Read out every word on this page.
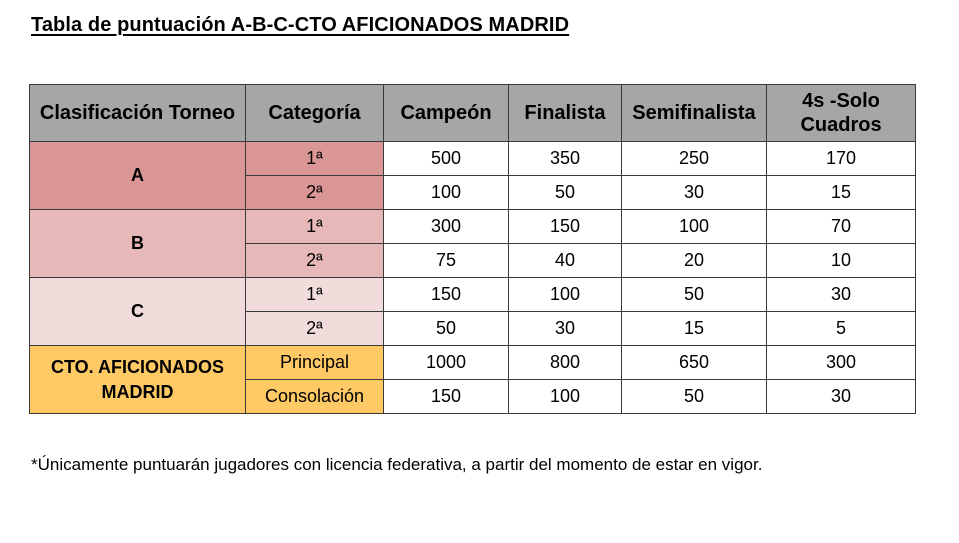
Tabla de puntuación A-B-C-CTO AFICIONADOS MADRID
Clasificación Torneo	Categoría	Campeón	Finalista	Semifinalista	4s -Solo Cuadros
A	1ª	500	350	250	170
	2ª	100	50	30	15
B	1ª	300	150	100	70
	2ª	75	40	20	10
C	1ª	150	100	50	30
	2ª	50	30	15	5
CTO. AFICIONADOS MADRID	Principal	1000	800	650	300
	Consolación	150	100	50	30
*Únicamente puntuarán jugadores con licencia federativa, a partir del momento de estar en vigor.
